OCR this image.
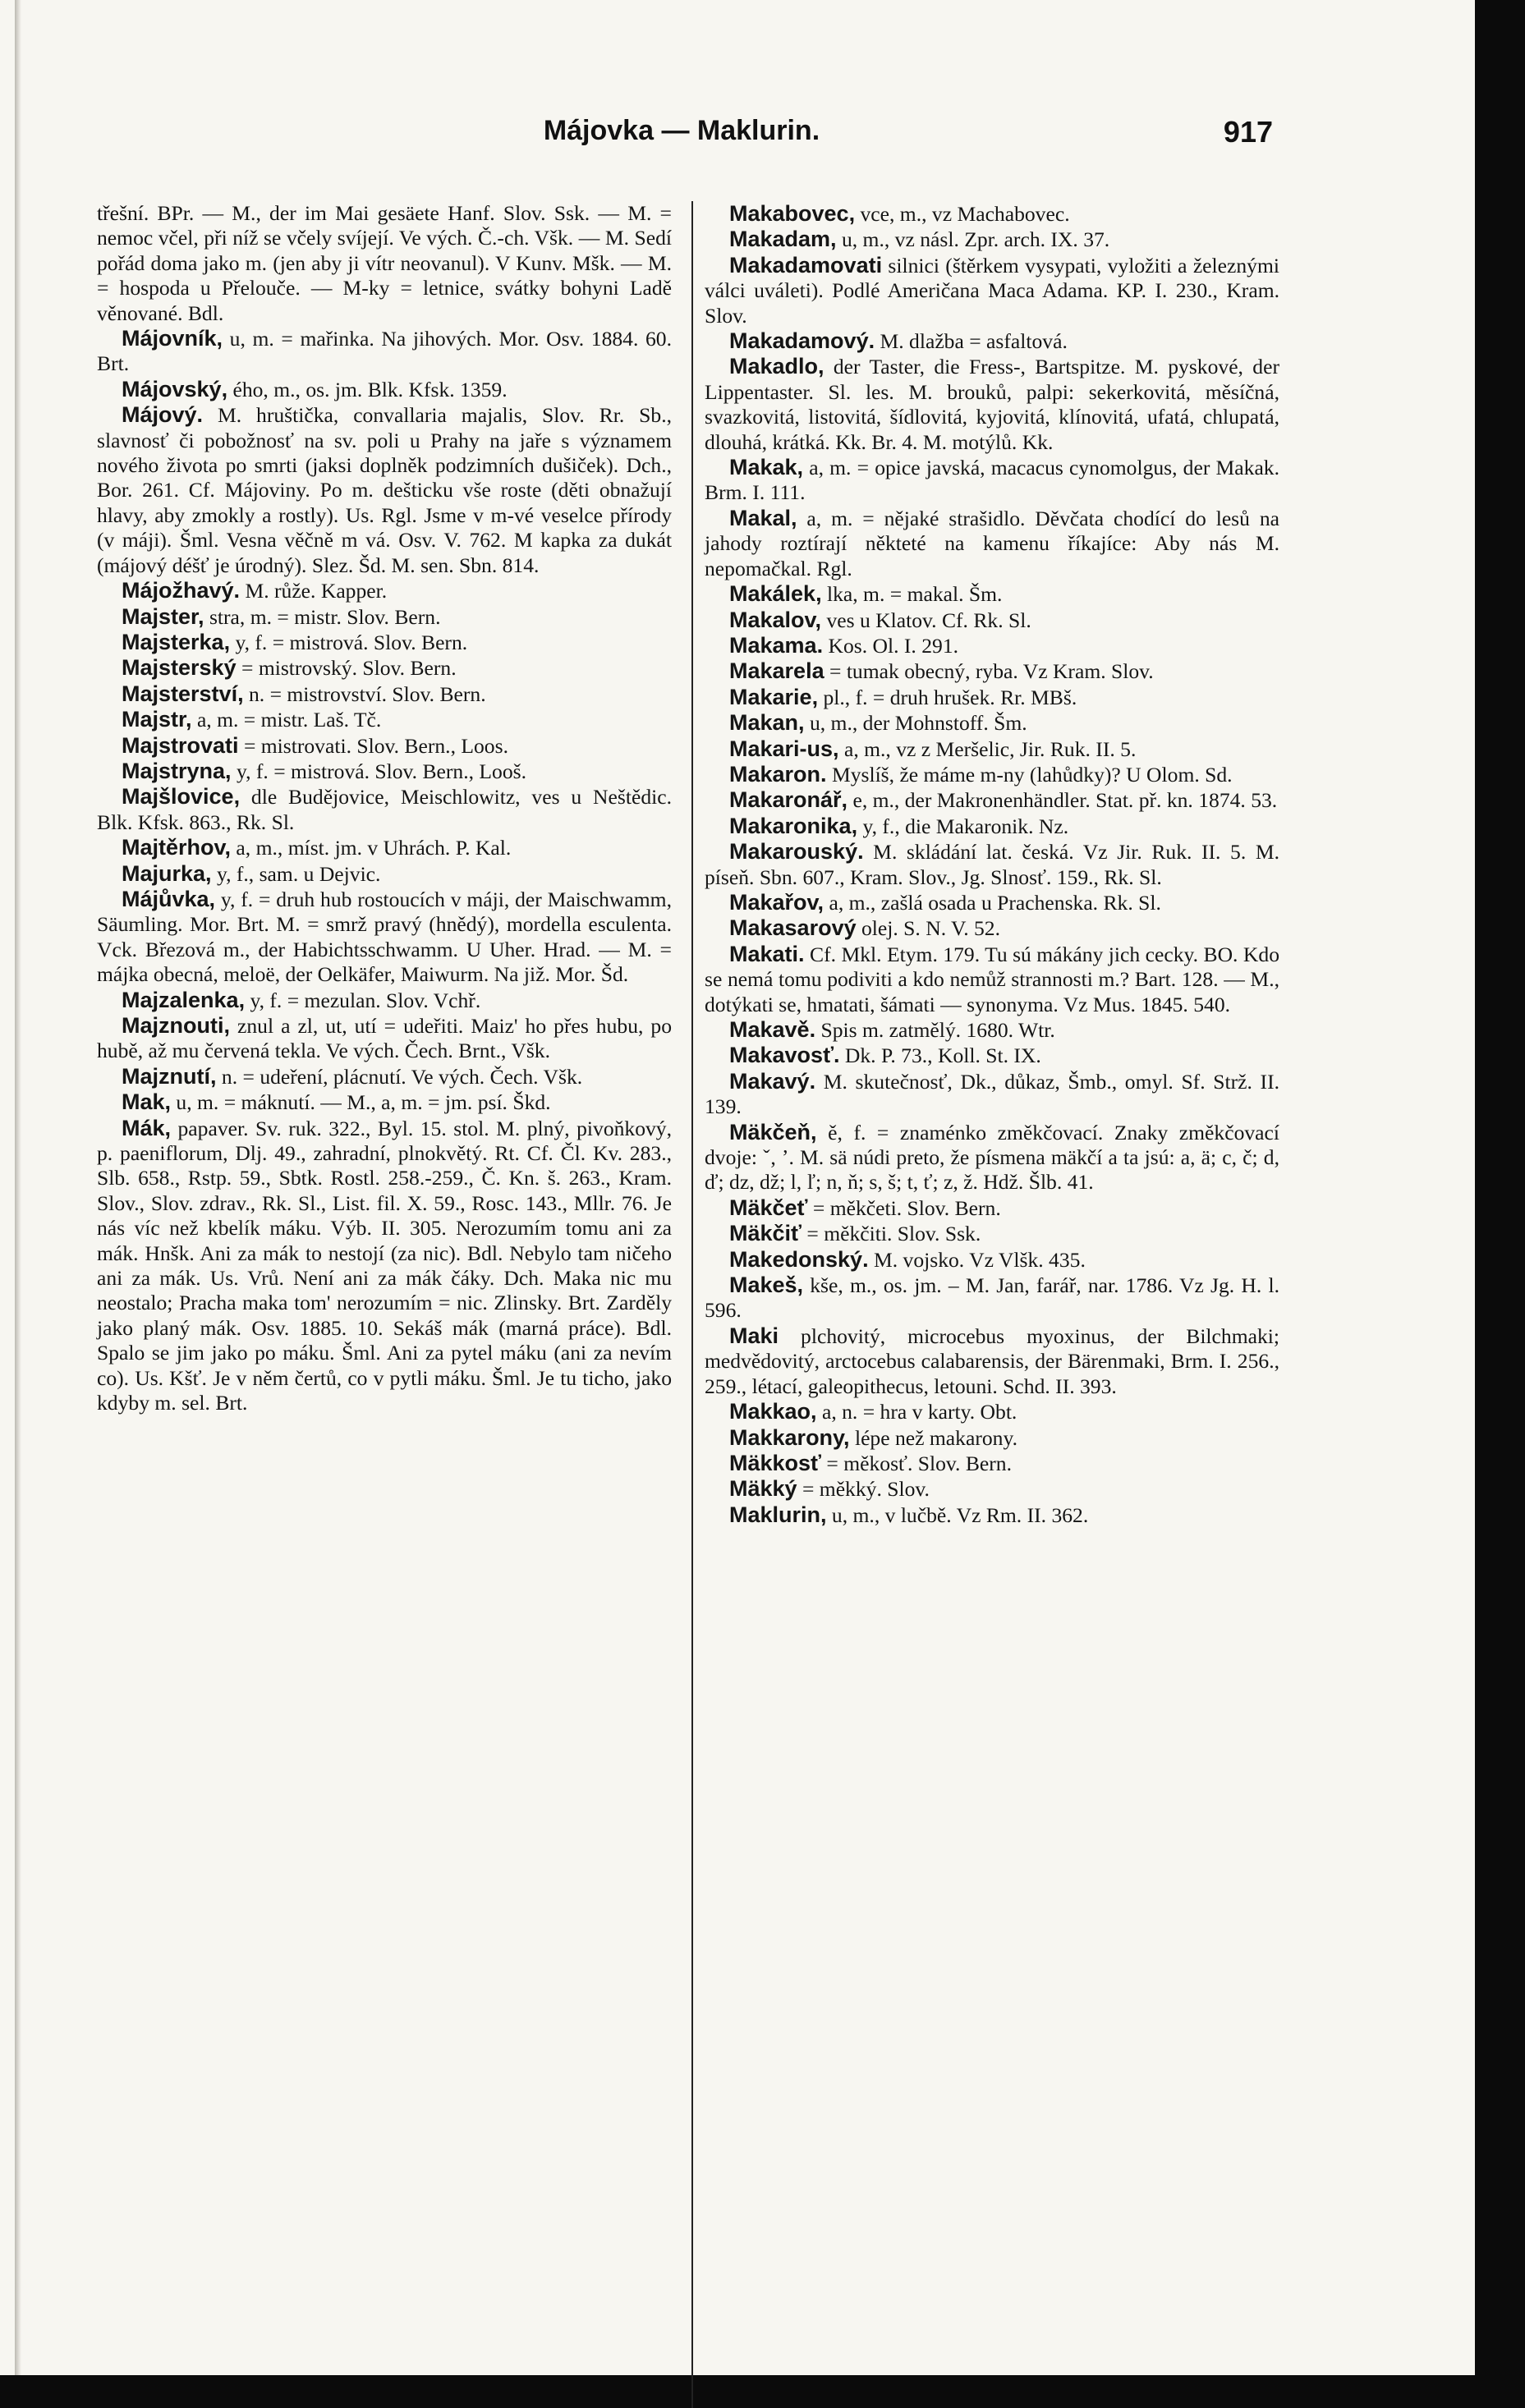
Májovka — Maklurin.	917

třešní. BPr. — M., der im Mai gesäete Hanf. Slov. Ssk. — M. = nemoc včel, při níž se včely svíjejí. Ve vých. Č.-ch. Všk. — M. Sedí pořád doma jako m. (jen aby ji vítr neovanul). V Kunv. Mšk. — M. = hospoda u Přelouče. — M-ky = letnice, svátky bohyni Ladě věnované. Bdl.

Májovník, u, m. = mařinka. Na jihových. Mor. Osv. 1884. 60. Brt.

Májovský, ého, m., os. jm. Blk. Kfsk. 1359.

Májový. M. hruštička, convallaria majalis, Slov. Rr. Sb., slavnosť či pobožnosť na sv. poli u Prahy na jaře s významem nového života po smrti (jaksi doplněk podzimních dušiček). Dch., Bor. 261. Cf. Májoviny. Po m. dešticku vše roste (děti obnažují hlavy, aby zmokly a rostly). Us. Rgl. Jsme v m-vé veselce přírody (v máji). Šml. Vesna věčně m vá. Osv. V. 762. M kapka za dukát (májový déšť je úrodný). Slez. Šd. M. sen. Sbn. 814.

Májožhavý. M. růže. Kapper.

Majster, stra, m. = mistr. Slov. Bern.

Majsterka, y, f. = mistrová. Slov. Bern.

Majsterský = mistrovský. Slov. Bern.

Majsterství, n. = mistrovství. Slov. Bern.

Majstr, a, m. = mistr. Laš. Tč.

Majstrovati = mistrovati. Slov. Bern., Loos.

Majstryna, y, f. = mistrová. Slov. Bern., Looš.

Majšlovice, dle Budějovice, Meischlowitz, ves u Neštědic. Blk. Kfsk. 863., Rk. Sl.

Majtěrhov, a, m., míst. jm. v Uhrách. P. Kal.

Majurka, y, f., sam. u Dejvic.

Májůvka, y, f. = druh hub rostoucích v máji, der Maischwamm, Säumling. Mor. Brt. M. = smrž pravý (hnědý), mordella esculenta. Vck. Březová m., der Habichtsschwamm. U Uher. Hrad. — M. = májka obecná, meloë, der Oelkäfer, Maiwurm. Na již. Mor. Šd.

Majzalenka, y, f. = mezulan. Slov. Vchř.

Majznouti, znul a zl, ut, utí = udeřiti. Maiz' ho přes hubu, po hubě, až mu červená tekla. Ve vých. Čech. Brnt., Všk.

Majznutí, n. = udeření, plácnutí. Ve vých. Čech. Všk.

Mak, u, m. = máknutí. — M., a, m. = jm. psí. Škd.

Mák, papaver. Sv. ruk. 322., Byl. 15. stol. M. plný, pivoňkový, p. paeniflorum, Dlj. 49., zahradní, plnokvětý. Rt. Cf. Čl. Kv. 283., Slb. 658., Rstp. 59., Sbtk. Rostl. 258.-259., Č. Kn. š. 263., Kram. Slov., Slov. zdrav., Rk. Sl., List. fil. X. 59., Rosc. 143., Mllr. 76. Je nás víc než kbelík máku. Výb. II. 305. Nerozumím tomu ani za mák. Hnšk. Ani za mák to nestojí (za nic). Bdl. Nebylo tam ničeho ani za mák. Us. Vrů. Není ani za mák čáky. Dch. Maka nic mu neostalo; Pracha maka tom' nerozumím = nic. Zlinsky. Brt. Zarděly jako planý mák. Osv. 1885. 10. Sekáš mák (marná práce). Bdl. Spalo se jim jako po máku. Šml. Ani za pytel máku (ani za nevím co). Us. Kšť. Je v něm čertů, co v pytli máku. Šml. Je tu ticho, jako kdyby m. sel. Brt.

Makabovec, vce, m., vz Machabovec.

Makadam, u, m., vz násl. Zpr. arch. IX. 37.

Makadamovati silnici (štěrkem vysypati, vyložiti a železnými válci uváleti). Podlé Američana Maca Adama. KP. I. 230., Kram. Slov.

Makadamový. M. dlažba = asfaltová.

Makadlo, der Taster, die Fress-, Bartspitze. M. pyskové, der Lippentaster. Sl. les. M. brouků, palpi: sekerkovitá, měsíčná, svazkovitá, listovitá, šídlovitá, kyjovitá, klínovitá, ufatá, chlupatá, dlouhá, krátká. Kk. Br. 4. M. motýlů. Kk.

Makak, a, m. = opice javská, macacus cynomolgus, der Makak. Brm. I. 111.

Makal, a, m. = nějaké strašidlo. Děvčata chodící do lesů na jahody roztírají někteté na kamenu říkajíce: Aby nás M. nepomačkal. Rgl.

Makálek, lka, m. = makal. Šm.

Makalov, ves u Klatov. Cf. Rk. Sl.

Makama. Kos. Ol. I. 291.

Makarela = tumak obecný, ryba. Vz Kram. Slov.

Makarie, pl., f. = druh hrušek. Rr. MBš.

Makan, u, m., der Mohnstoff. Šm.

Makari-us, a, m., vz z Meršelic, Jir. Ruk. II. 5.

Makaron. Myslíš, že máme m-ny (lahůdky)? U Olom. Sd.

Makaronář, e, m., der Makronenhändler. Stat. př. kn. 1874. 53.

Makaronika, y, f., die Makaronik. Nz.

Makarouský. M. skládání lat. česká. Vz Jir. Ruk. II. 5. M. píseň. Sbn. 607., Kram. Slov., Jg. Slnosť. 159., Rk. Sl.

Makařov, a, m., zašlá osada u Prachenska. Rk. Sl.

Makasarový olej. S. N. V. 52.

Makati. Cf. Mkl. Etym. 179. Tu sú mákány jich cecky. BO. Kdo se nemá tomu podiviti a kdo nemůž strannosti m.? Bart. 128. — M., dotýkati se, hmatati, šámati — synonyma. Vz Mus. 1845. 540.

Makavě. Spis m. zatmělý. 1680. Wtr.

Makavosť. Dk. P. 73., Koll. St. IX.

Makavý. M. skutečnosť, Dk., důkaz, Šmb., omyl. Sf. Strž. II. 139.

Mäkčeň, ě, f. = znaménko změkčovací. Znaky změkčovací dvoje: ˇ, ʼ. M. sä núdi preto, že písmena mäkčí a ta jsú: a, ä; c, č; d, ď; dz, dž; l, ľ; n, ň; s, š; t, ť; z, ž. Hdž. Šlb. 41.

Mäkčeť = měkčeti. Slov. Bern.

Mäkčiť = měkčiti. Slov. Ssk.

Makedonský. M. vojsko. Vz Vlšk. 435.

Makeš, kše, m., os. jm. – M. Jan, farář, nar. 1786. Vz Jg. H. l. 596.

Maki plchovitý, microcebus myoxinus, der Bilchmaki; medvědovitý, arctocebus calabarensis, der Bärenmaki, Brm. I. 256., 259., létací, galeopithecus, letouni. Schd. II. 393.

Makkao, a, n. = hra v karty. Obt.

Makkarony, lépe než makarony.

Mäkkosť = měkosť. Slov. Bern.

Mäkký = měkký. Slov.

Maklurin, u, m., v lučbě. Vz Rm. II. 362.
